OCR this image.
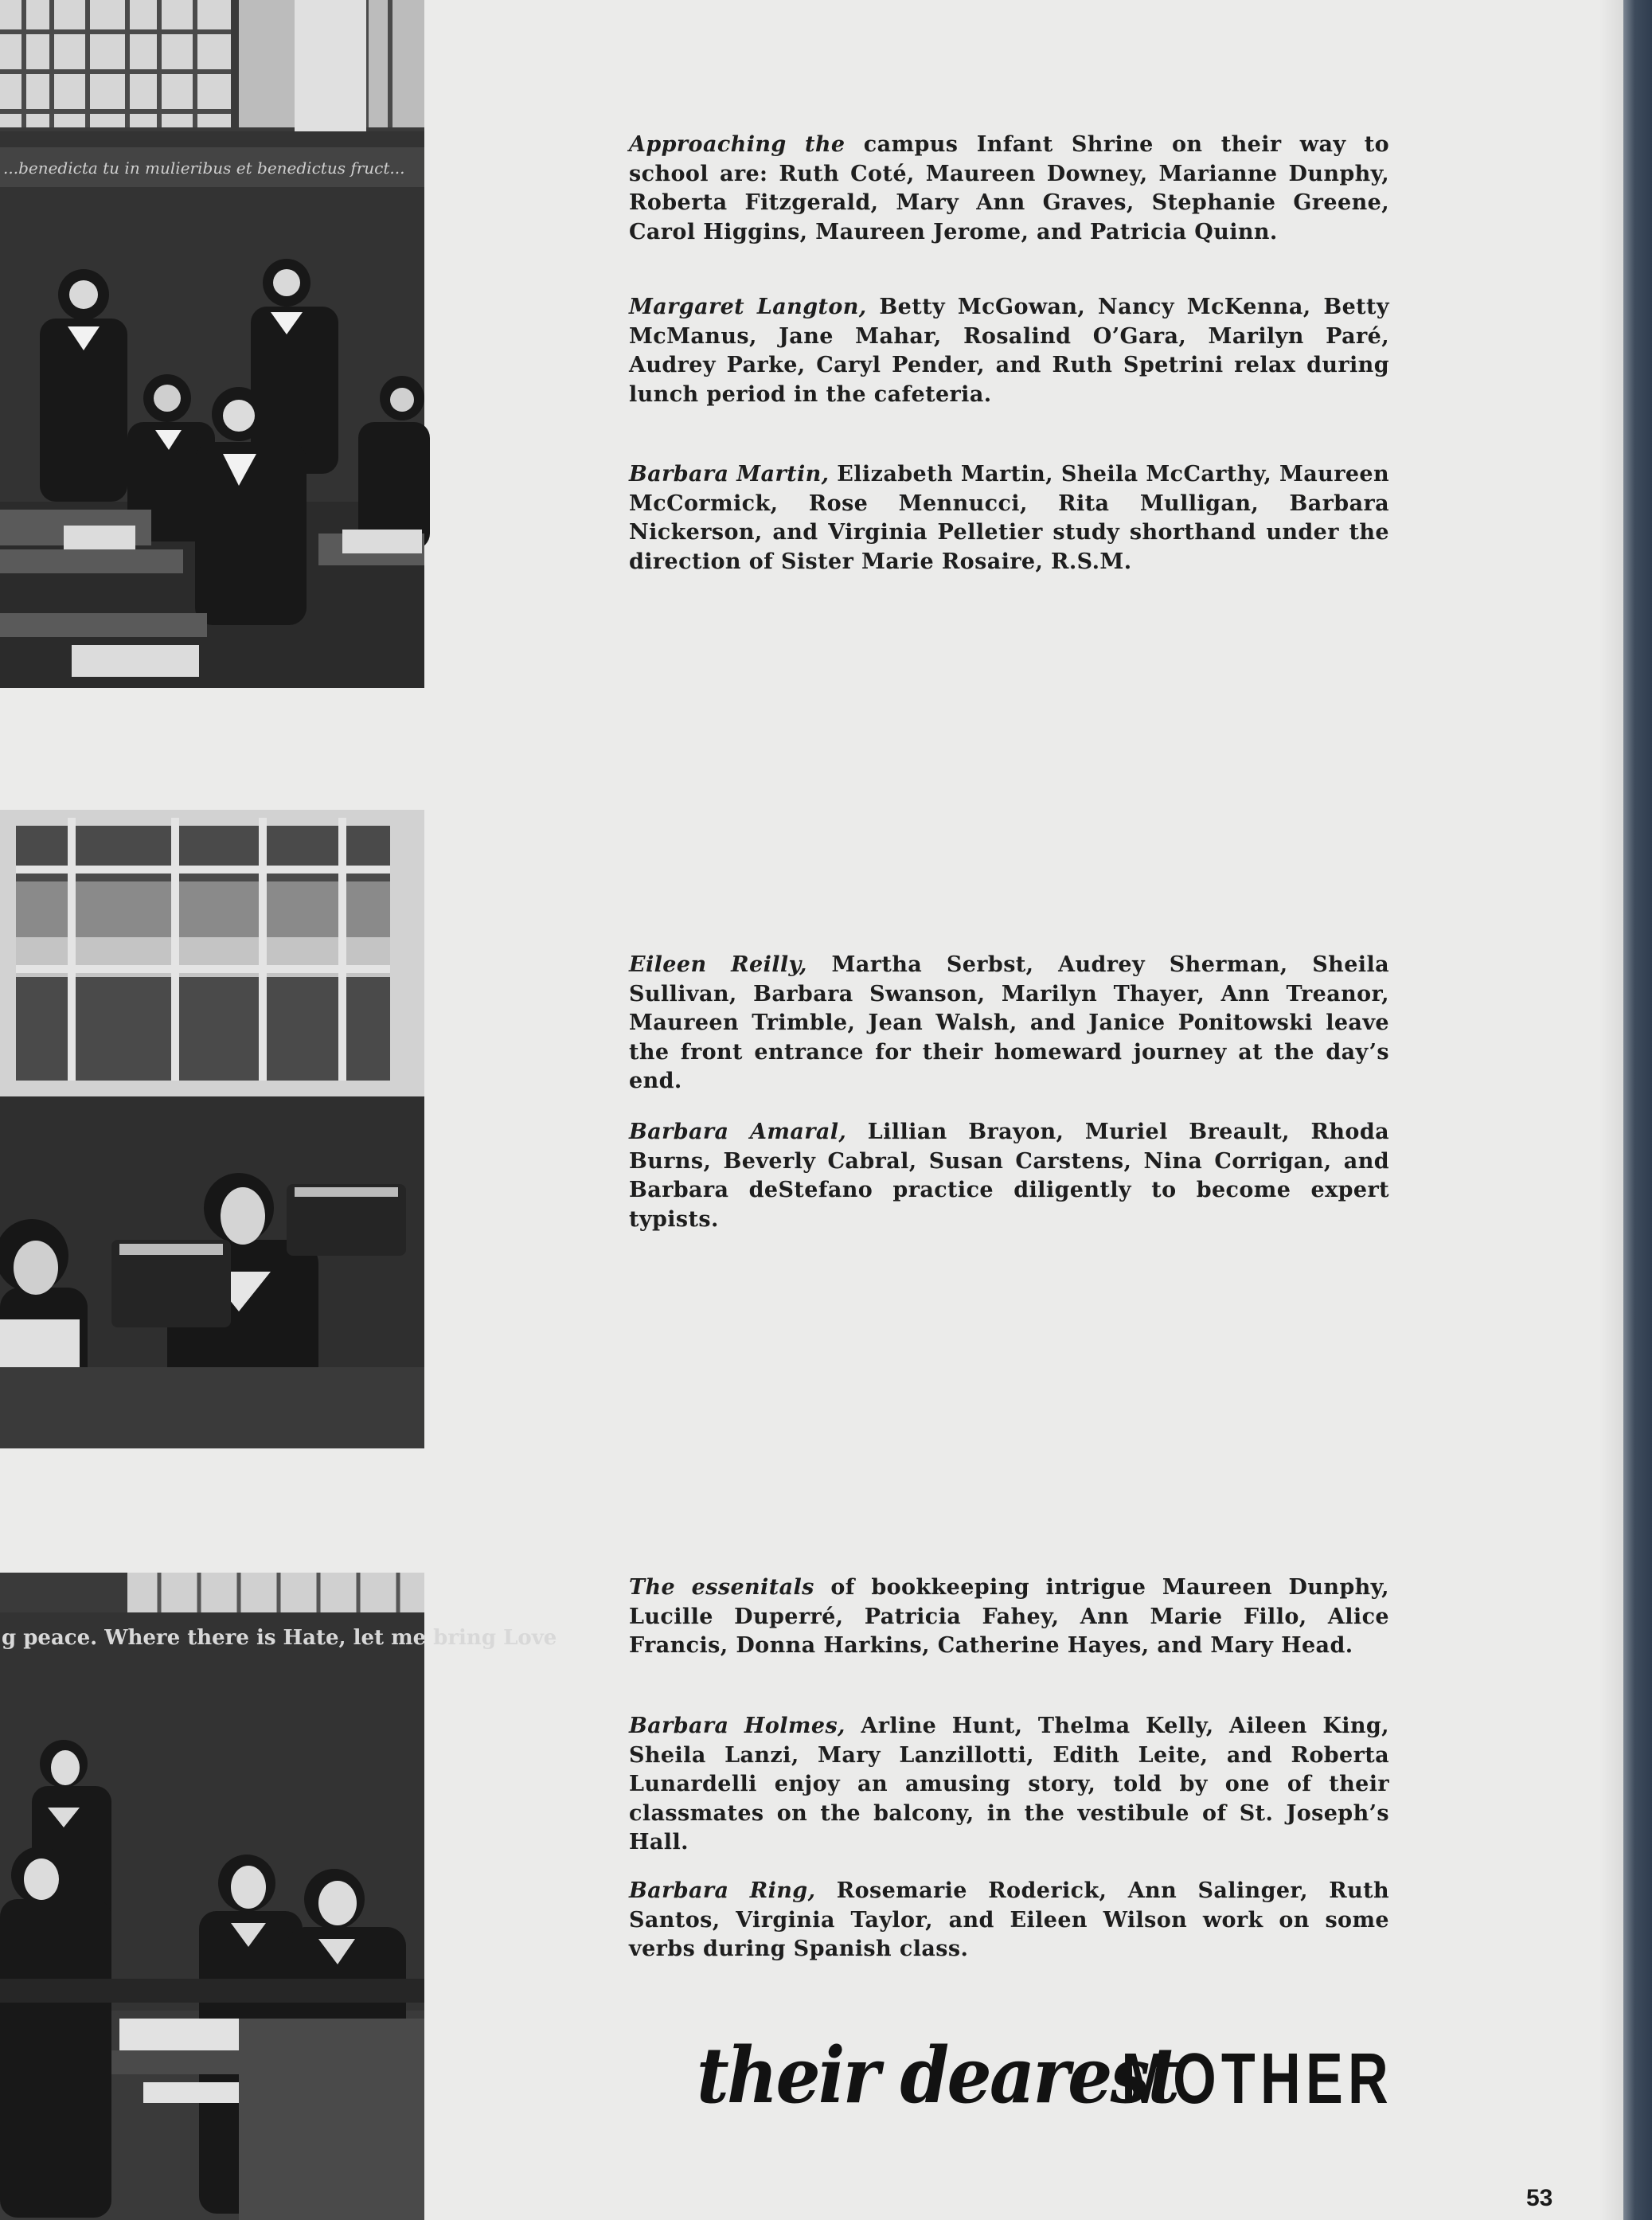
...benedicta tu in mulieribus et benedictus fruct...
g peace. Where there is Hate, let me bring Love

Approaching the campus Infant Shrine on their way to school are: Ruth Coté, Maureen Downey, Marianne Dunphy, Roberta Fitzgerald, Mary Ann Graves, Stephanie Greene, Carol Higgins, Maureen Jerome, and Patricia Quinn.

Margaret Langton, Betty McGowan, Nancy McKenna, Betty McManus, Jane Mahar, Rosalind O’Gara, Marilyn Paré, Audrey Parke, Caryl Pender, and Ruth Spetrini relax during lunch period in the cafeteria.

Barbara Martin, Elizabeth Martin, Sheila McCarthy, Maureen McCormick, Rose Mennucci, Rita Mulligan, Barbara Nickerson, and Virginia Pelletier study shorthand under the direction of Sister Marie Rosaire, R.S.M.

Eileen Reilly, Martha Serbst, Audrey Sherman, Sheila Sullivan, Barbara Swanson, Marilyn Thayer, Ann Treanor, Maureen Trimble, Jean Walsh, and Janice Ponitowski leave the front entrance for their homeward journey at the day’s end.

Barbara Amaral, Lillian Brayon, Muriel Breault, Rhoda Burns, Beverly Cabral, Susan Carstens, Nina Corrigan, and Barbara deStefano practice diligently to become expert typists.

The essenitals of bookkeeping intrigue Maureen Dunphy, Lucille Duperré, Patricia Fahey, Ann Marie Fillo, Alice Francis, Donna Harkins, Catherine Hayes, and Mary Head.

Barbara Holmes, Arline Hunt, Thelma Kelly, Aileen King, Sheila Lanzi, Mary Lanzillotti, Edith Leite, and Roberta Lunardelli enjoy an amusing story, told by one of their classmates on the balcony, in the vestibule of St. Joseph’s Hall.

Barbara Ring, Rosemarie Roderick, Ann Salinger, Ruth Santos, Virginia Taylor, and Eileen Wilson work on some verbs during Spanish class.

their dearest
MOTHER
53
